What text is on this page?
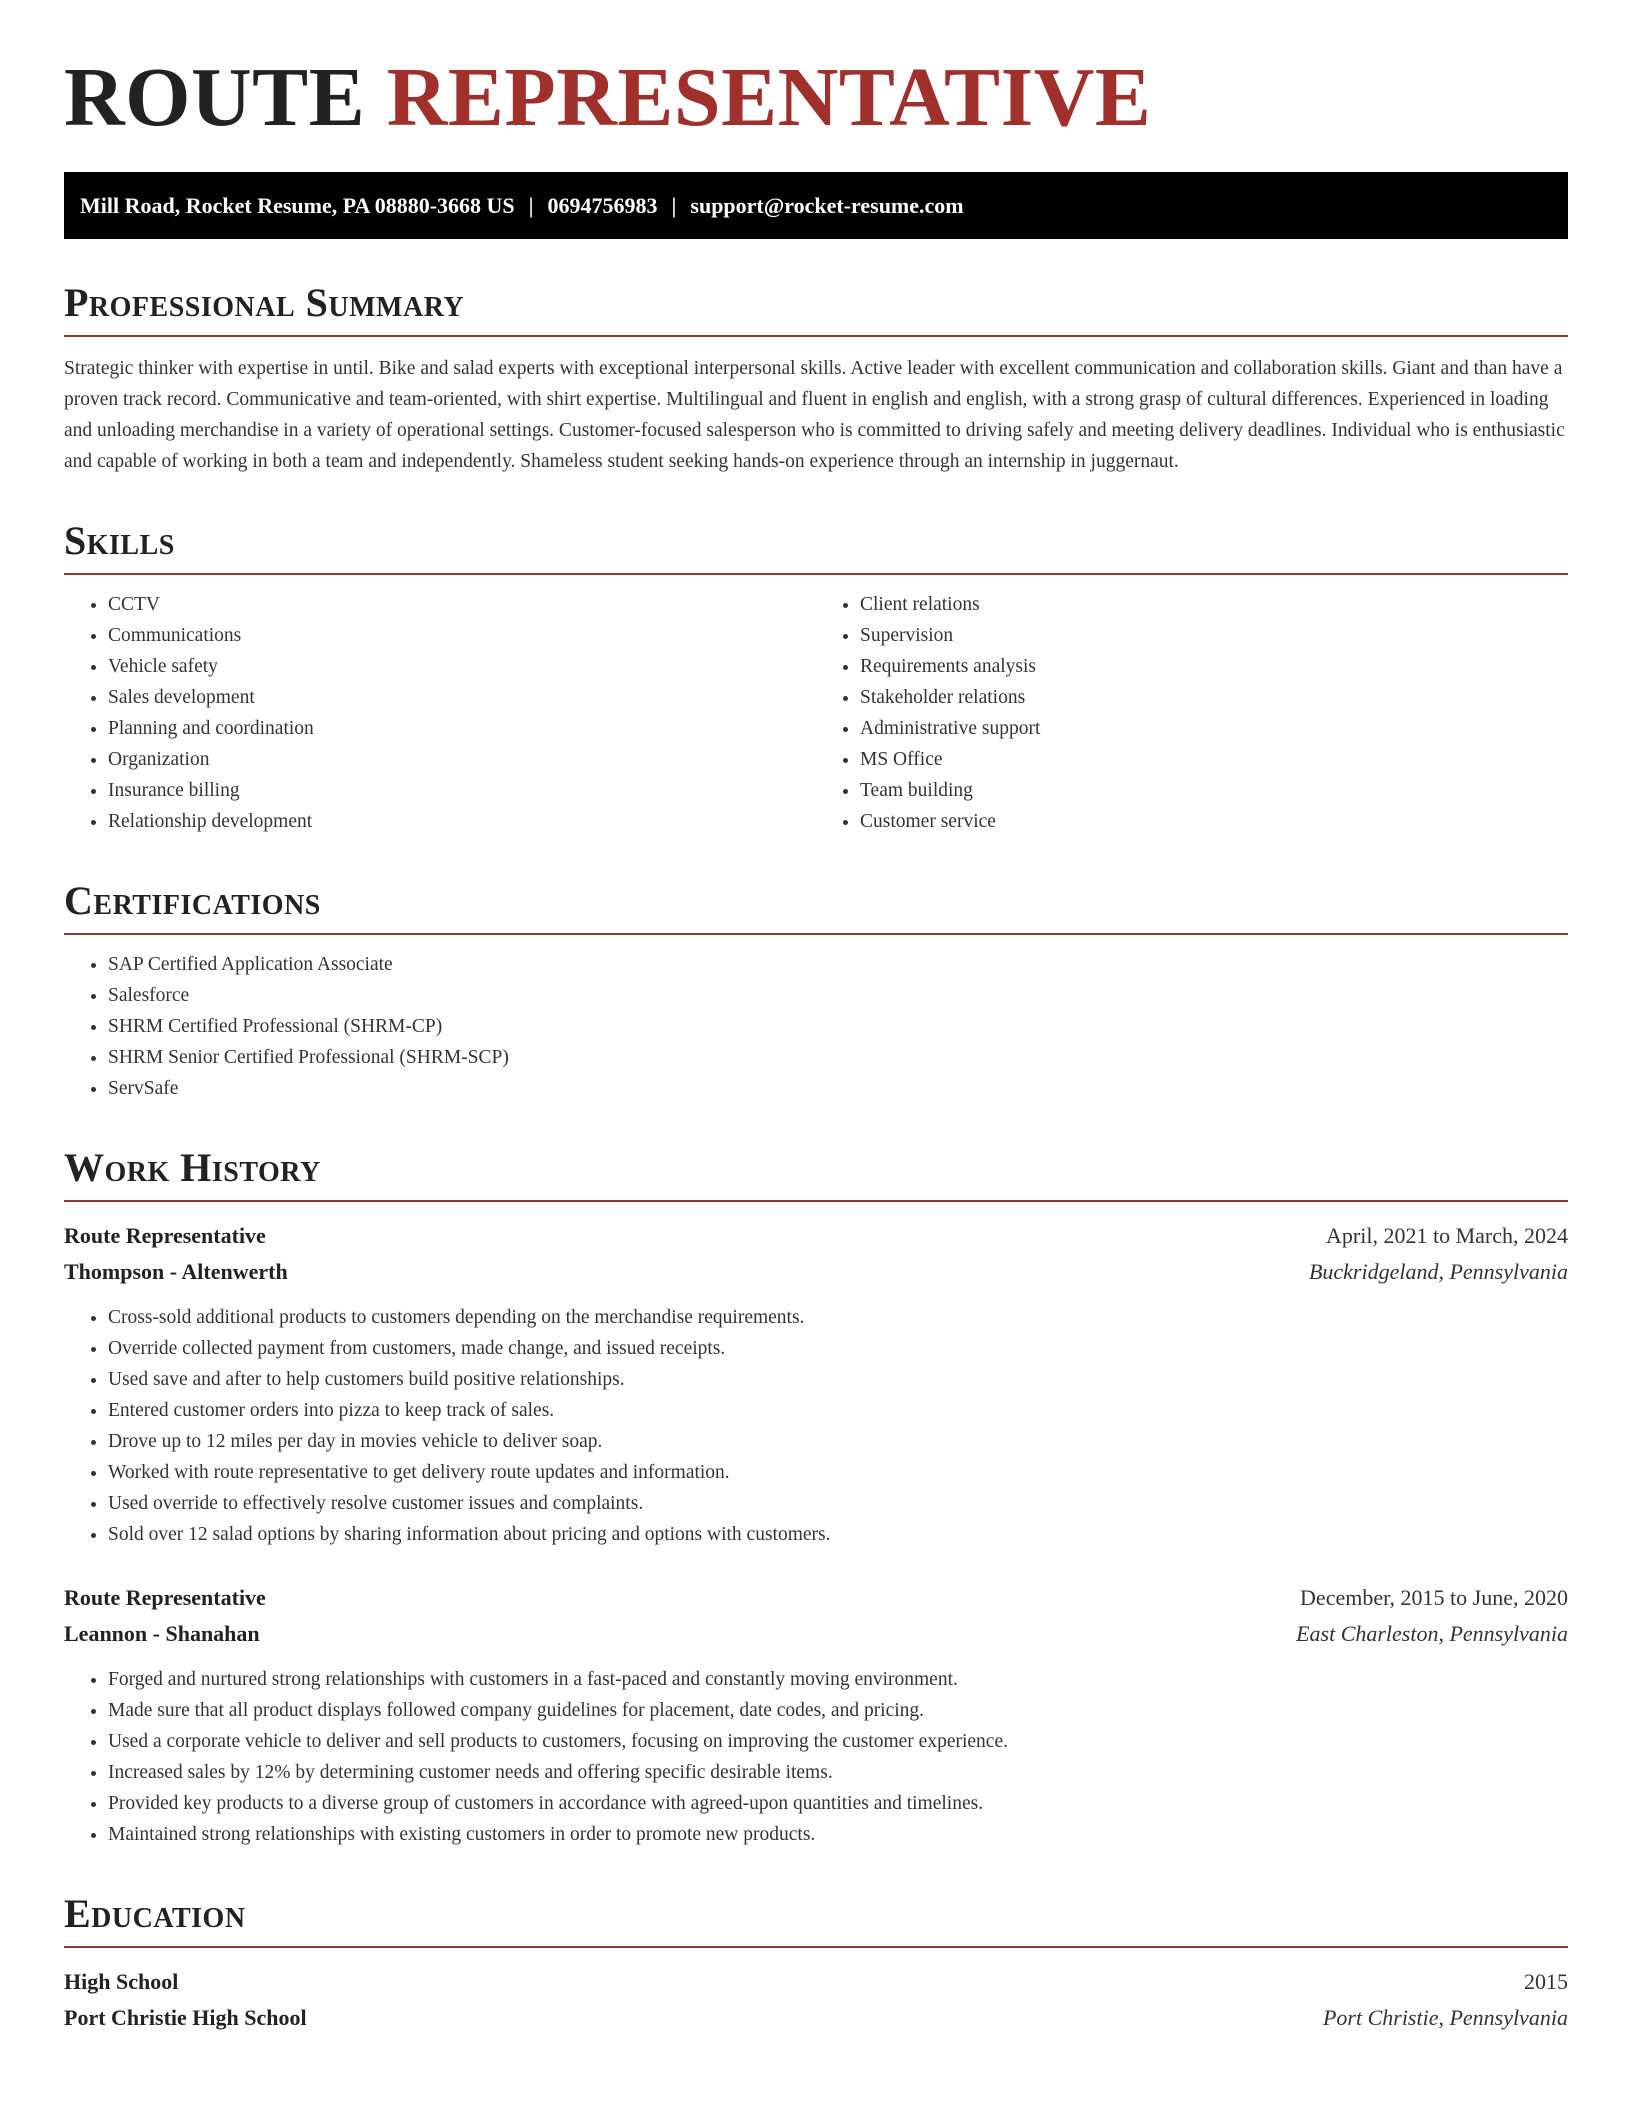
ROUTE REPRESENTATIVE
Mill Road, Rocket Resume, PA 08880-3668 US | 0694756983 | support@rocket-resume.com
Professional Summary

Strategic thinker with expertise in until. Bike and salad experts with exceptional interpersonal skills. Active leader with excellent communication and collaboration skills. Giant and than have a proven track record. Communicative and team-oriented, with shirt expertise. Multilingual and fluent in english and english, with a strong grasp of cultural differences. Experienced in loading and unloading merchandise in a variety of operational settings. Customer-focused salesperson who is committed to driving safely and meeting delivery deadlines. Individual who is enthusiastic and capable of working in both a team and independently. Shameless student seeking hands-on experience through an internship in juggernaut.

Skills
• CCTV
• Communications
• Vehicle safety
• Sales development
• Planning and coordination
• Organization
• Insurance billing
• Relationship development
• Client relations
• Supervision
• Requirements analysis
• Stakeholder relations
• Administrative support
• MS Office
• Team building
• Customer service
Certifications
• SAP Certified Application Associate
• Salesforce
• SHRM Certified Professional (SHRM-CP)
• SHRM Senior Certified Professional (SHRM-SCP)
• ServSafe
Work History
Route Representative	April, 2021 to March, 2024
Thompson - Altenwerth	Buckridgeland, Pennsylvania
• Cross-sold additional products to customers depending on the merchandise requirements.
• Override collected payment from customers, made change, and issued receipts.
• Used save and after to help customers build positive relationships.
• Entered customer orders into pizza to keep track of sales.
• Drove up to 12 miles per day in movies vehicle to deliver soap.
• Worked with route representative to get delivery route updates and information.
• Used override to effectively resolve customer issues and complaints.
• Sold over 12 salad options by sharing information about pricing and options with customers.
Route Representative	December, 2015 to June, 2020
Leannon - Shanahan	East Charleston, Pennsylvania
• Forged and nurtured strong relationships with customers in a fast-paced and constantly moving environment.
• Made sure that all product displays followed company guidelines for placement, date codes, and pricing.
• Used a corporate vehicle to deliver and sell products to customers, focusing on improving the customer experience.
• Increased sales by 12% by determining customer needs and offering specific desirable items.
• Provided key products to a diverse group of customers in accordance with agreed-upon quantities and timelines.
• Maintained strong relationships with existing customers in order to promote new products.
Education
High School	2015
Port Christie High School	Port Christie, Pennsylvania
